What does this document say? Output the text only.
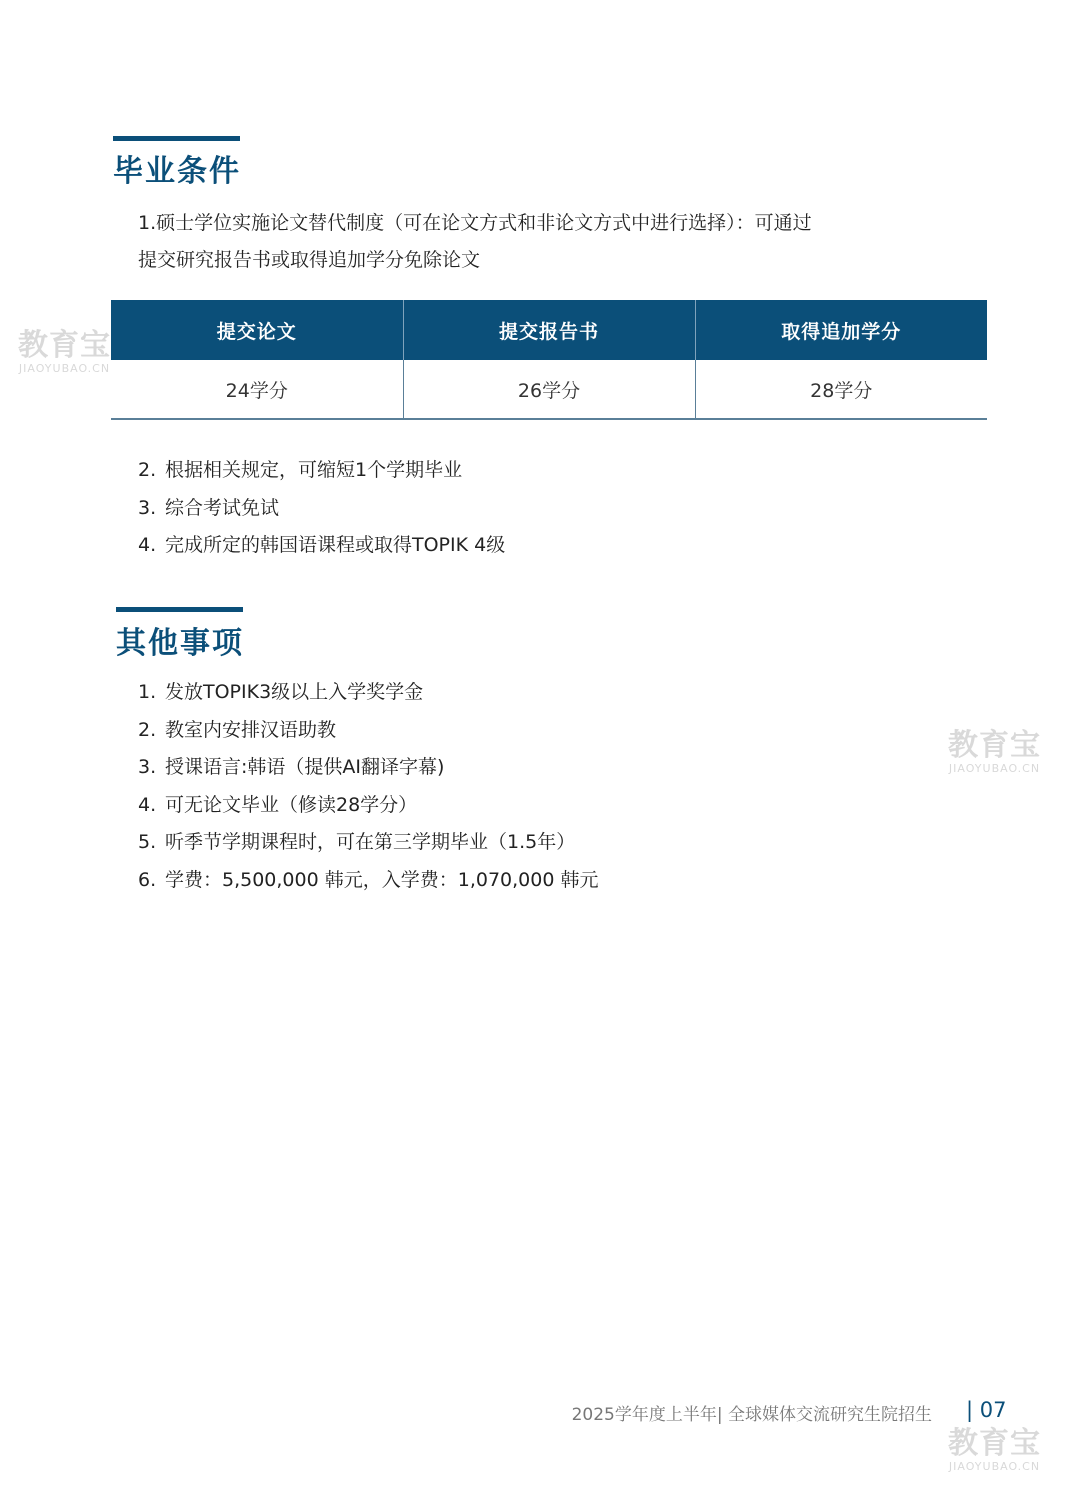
毕业条件

1.硕士学位实施论文替代制度（可在论文方式和非论文方式中进行选择）：可通过

提交研究报告书或取得追加学分免除论文

提交论文	提交报告书	取得追加学分
24学分	26学分	28学分
2. 根据相关规定，可缩短1个学期毕业
3. 综合考试免试
4. 完成所定的韩国语课程或取得TOPIK 4级
其他事项
1. 发放TOPIK3级以上入学奖学金
2. 教室内安排汉语助教
3. 授课语言:韩语（提供AI翻译字幕)
4. 可无论文毕业（修读28学分）
5. 听季节学期课程时，可在第三学期毕业（1.5年）
6. 学费：5,500,000 韩元，入学费：1,070,000 韩元
2025学年度上半年| 全球媒体交流研究生院招生 | 07
教育宝
JIAOYUBAO.CN
教育宝
JIAOYUBAO.CN
教育宝
JIAOYUBAO.CN
